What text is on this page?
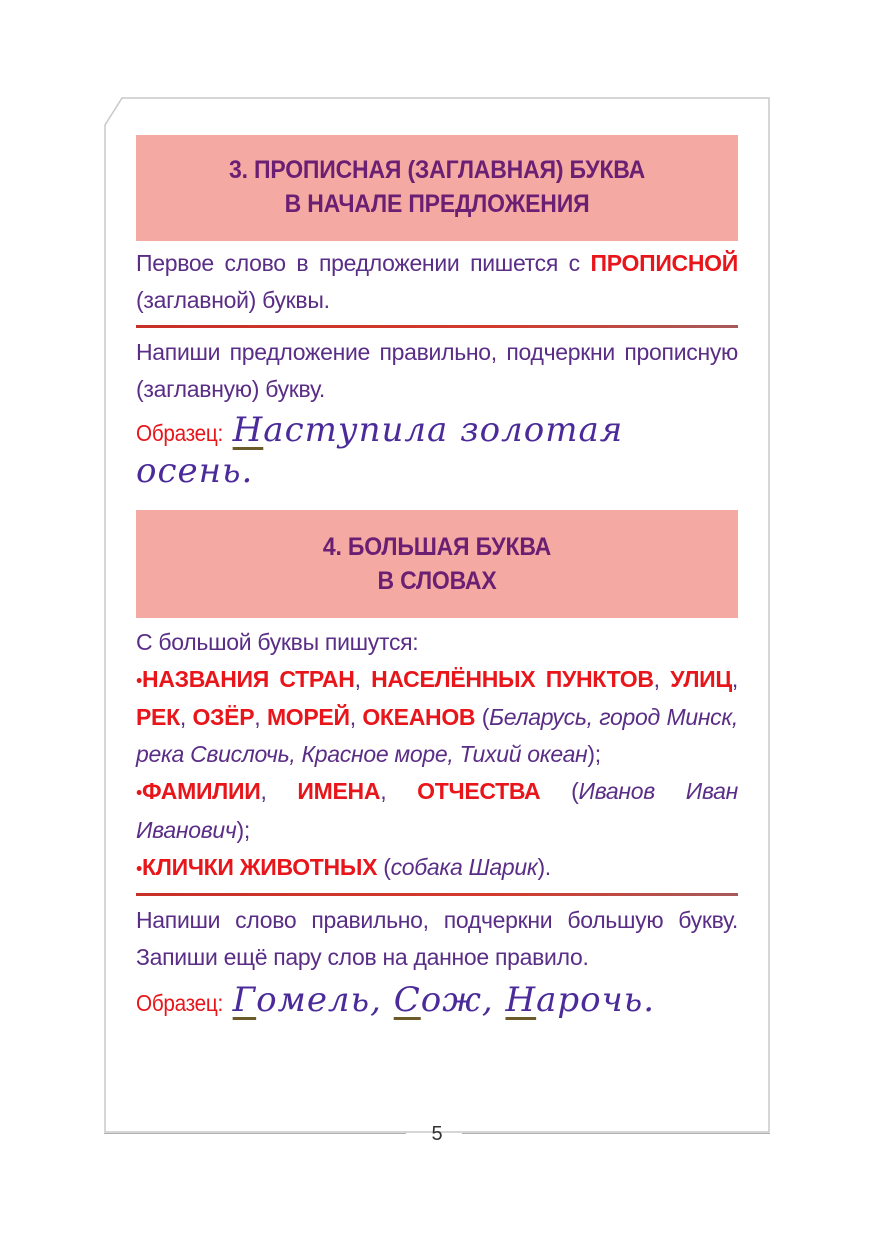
3. ПРОПИСНАЯ (ЗАГЛАВНАЯ) БУКВА
В НАЧАЛЕ ПРЕДЛОЖЕНИЯ
Первое слово в предложении пишется с ПРОПИСНОЙ (заглавной) буквы.
Напиши предложение правильно, подчеркни прописную (заглавную) букву.
Образец: Наступила золотая
осень.
4. БОЛЬШАЯ БУКВА
В СЛОВАХ
С большой буквы пишутся:
•НАЗВАНИЯ СТРАН, НАСЕЛЁННЫХ ПУНКТОВ, УЛИЦ, РЕК, ОЗЁР, МОРЕЙ, ОКЕАНОВ (Беларусь, город Минск, река Свислочь, Красное море, Тихий океан);
•ФАМИЛИИ, ИМЕНА, ОТЧЕСТВА (Иванов Иван Иванович);
•КЛИЧКИ ЖИВОТНЫХ (собака Шарик).
Напиши слово правильно, подчеркни большую букву. Запиши ещё пару слов на данное правило.
Образец: Гомель, Сож, Нарочь.
5
